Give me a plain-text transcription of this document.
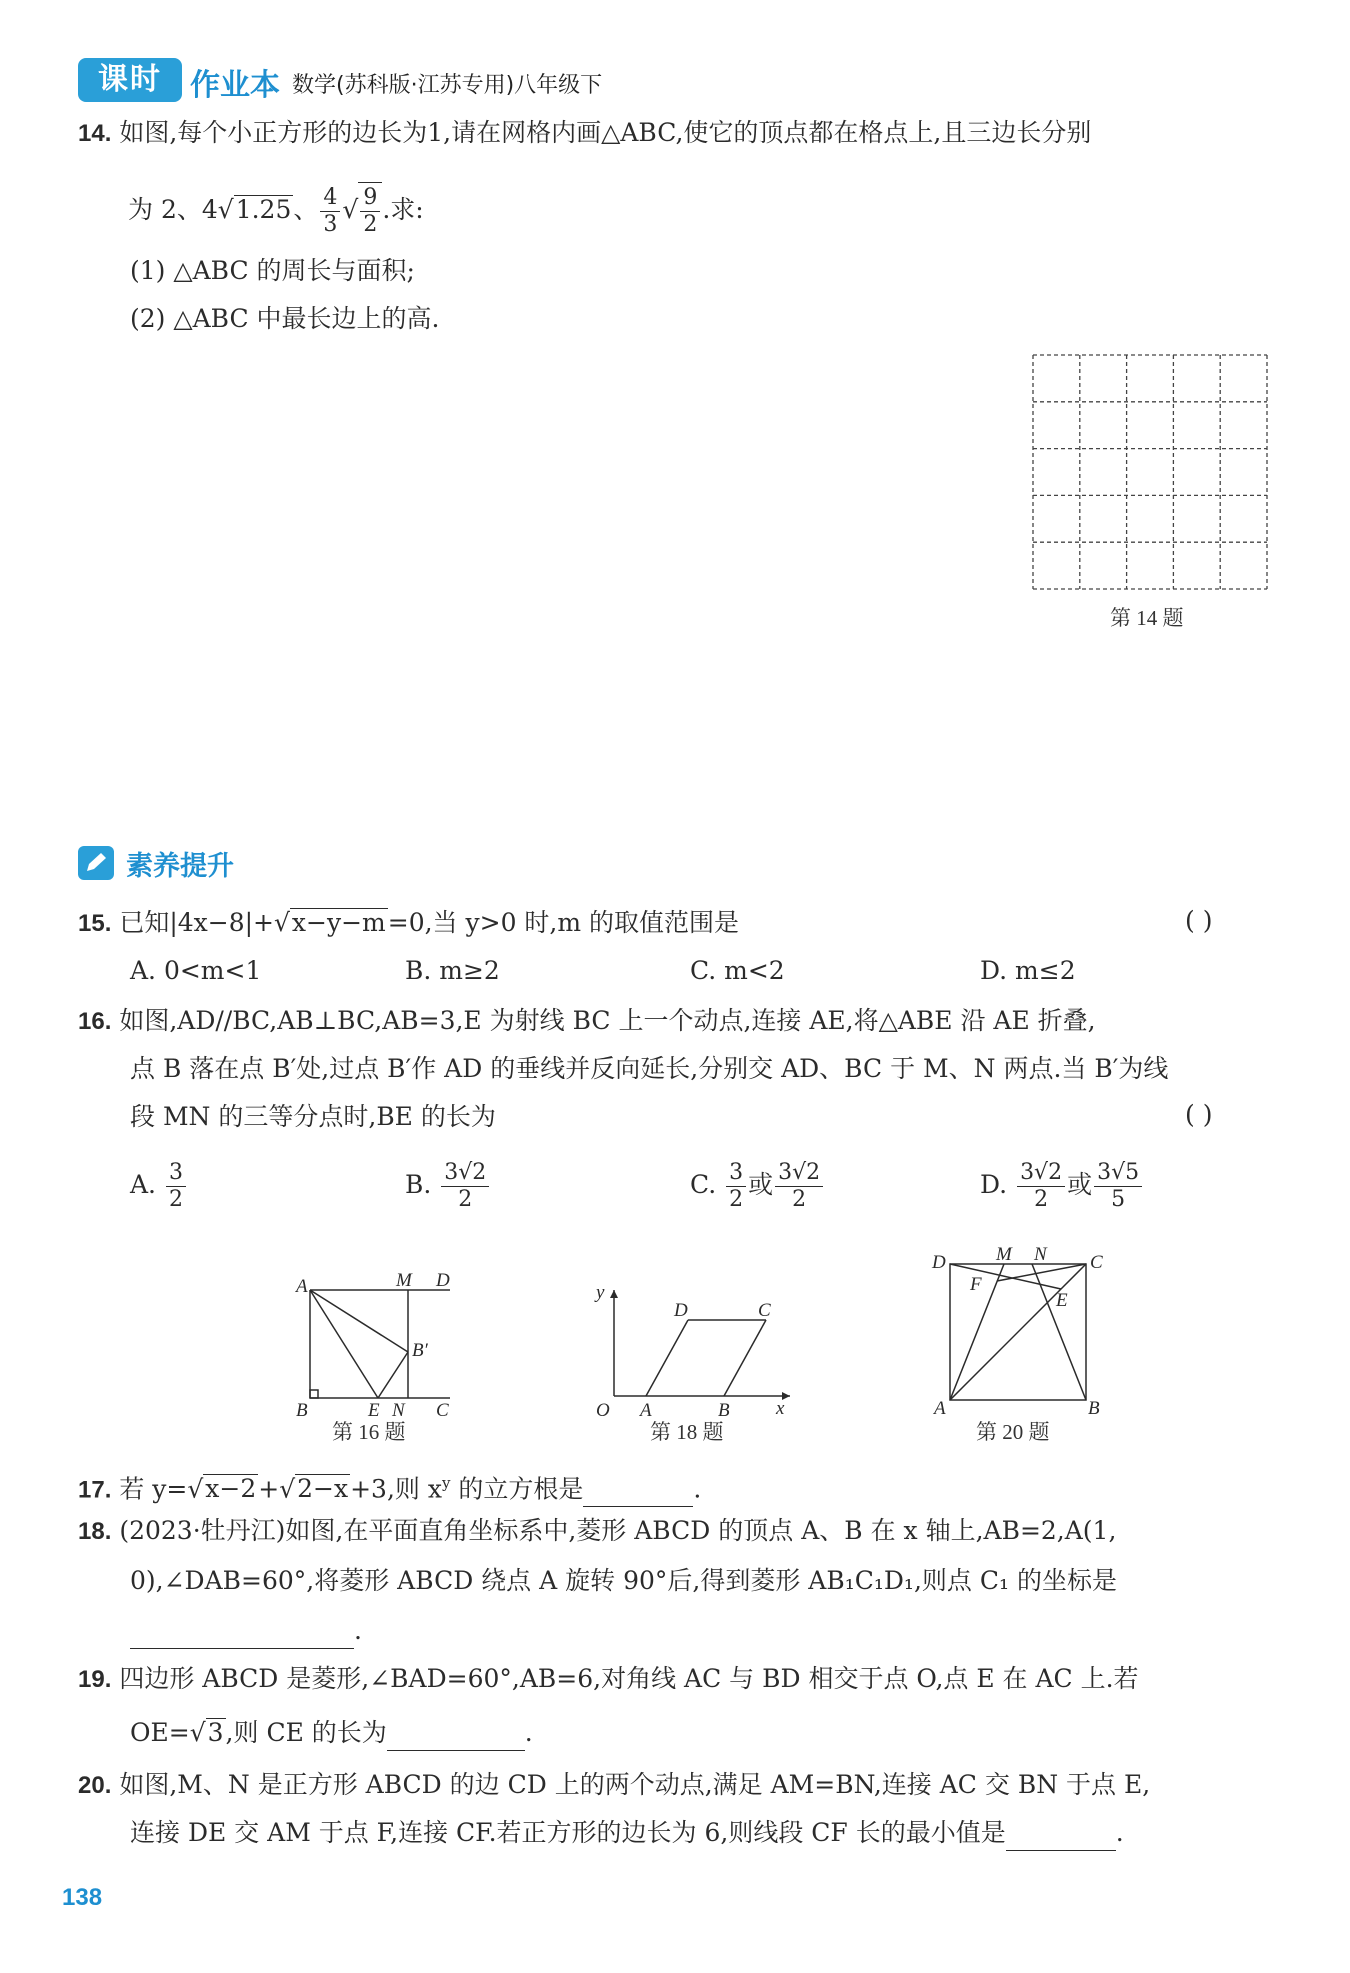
课时 作业本 数学(苏科版·江苏专用)八年级下
14. 如图,每个小正方形的边长为1,请在网格内画△ABC,使它的顶点都在格点上,且三边长分别
为 2、4√1.25、 $\frac{4}{3}$ √ $\frac{9}{2}$ .求:
(1) △ABC 的周长与面积;
(2) △ABC 中最长边上的高.
第 14 题
素养提升
15. 已知|4x−8|+√x−y−m=0,当 y>0 时,m 的取值范围是	( )
A. 0<m<1	B. m≥2	C. m<2	D. m≤2
16. 如图,AD//BC,AB⊥BC,AB=3,E 为射线 BC 上一个动点,连接 AE,将△ABE 沿 AE 折叠,
点 B 落在点 B′处,过点 B′作 AD 的垂线并反向延长,分别交 AD、BC 于 M、N 两点.当 B′为线
段 MN 的三等分点时,BE 的长为	( )
A. $\frac{3}{2}$	B. $\frac{3√2}{2}$	C. $\frac{3}{2}$ 或 $\frac{3√2}{2}$	D. $\frac{3√2}{2}$ 或 $\frac{3√5}{5}$
A	M D
B′
B	E N C
第 16 题
y
D	C
O A	B x
第 18 题
D	M N C
F
E
A	B
第 20 题
17. 若 y=√x−2+√2−x+3,则 $x^y$ 的立方根是	.
18. (2023·牡丹江)如图,在平面直角坐标系中,菱形 ABCD 的顶点 A、B 在 x 轴上,AB=2,A(1,
0),∠DAB=60°,将菱形 ABCD 绕点 A 旋转 90°后,得到菱形 AB₁C₁D₁,则点 C₁ 的坐标是
.
19. 四边形 ABCD 是菱形,∠BAD=60°,AB=6,对角线 AC 与 BD 相交于点 O,点 E 在 AC 上.若
OE=√3,则 CE 的长为	.
20. 如图,M、N 是正方形 ABCD 的边 CD 上的两个动点,满足 AM=BN,连接 AC 交 BN 于点 E,
连接 DE 交 AM 于点 F,连接 CF.若正方形的边长为 6,则线段 CF 长的最小值是	.
138
